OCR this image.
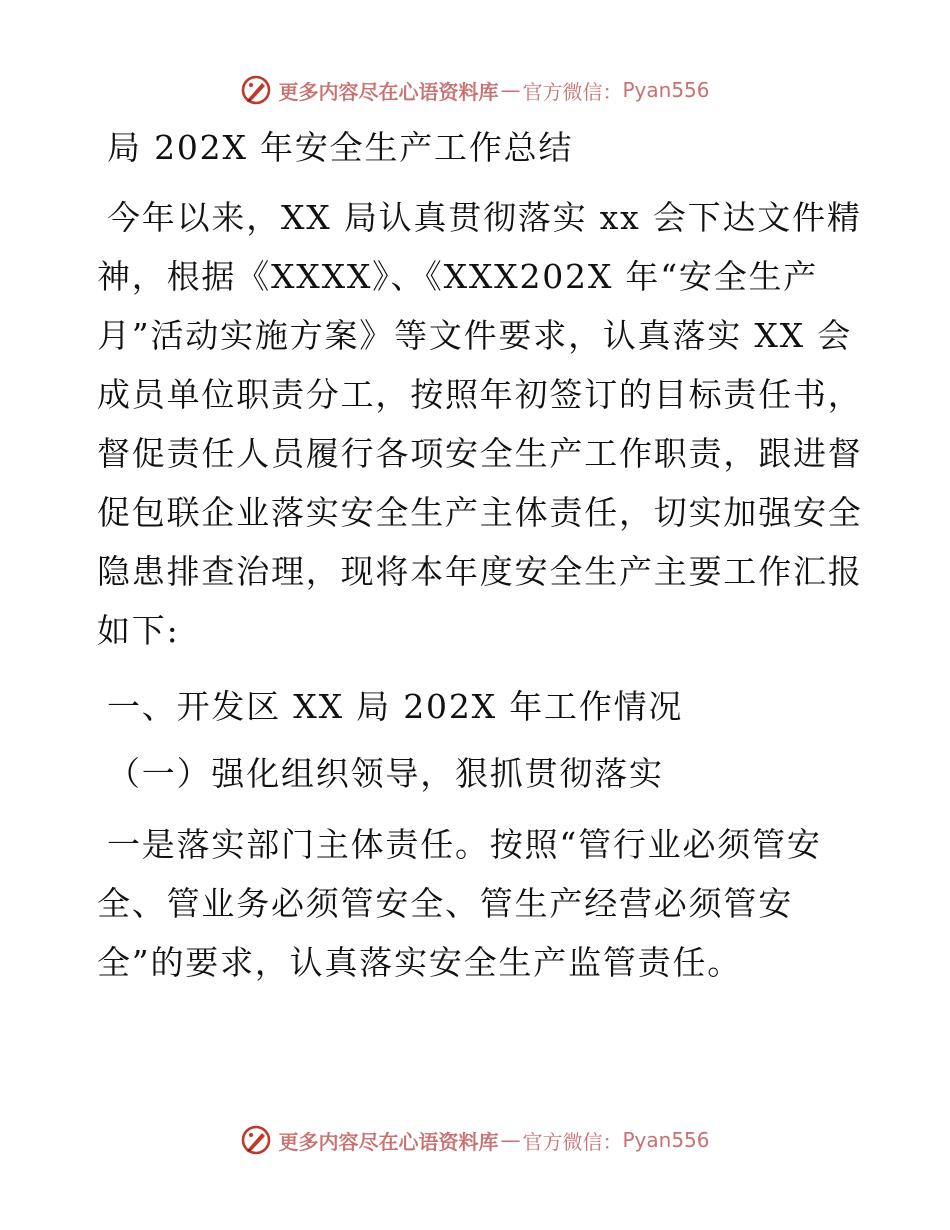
更多内容尽在心语资料库 — 官方微信： Pyan556
局 202X 年安全生产工作总结
今年以来，XX 局认真贯彻落实 xx 会下达文件精
神，根据《XXXX》、《XXX202X 年“安全生产
月”活动实施方案》等文件要求，认真落实 XX 会
成员单位职责分工，按照年初签订的目标责任书，
督促责任人员履行各项安全生产工作职责，跟进督
促包联企业落实安全生产主体责任，切实加强安全
隐患排查治理，现将本年度安全生产主要工作汇报
如下:
一、开发区 XX 局 202X 年工作情况
（一）强化组织领导，狠抓贯彻落实
一是落实部门主体责任。按照“管行业必须管安
全、管业务必须管安全、管生产经营必须管安
全”的要求，认真落实安全生产监管责任。
更多内容尽在心语资料库 — 官方微信： Pyan556
